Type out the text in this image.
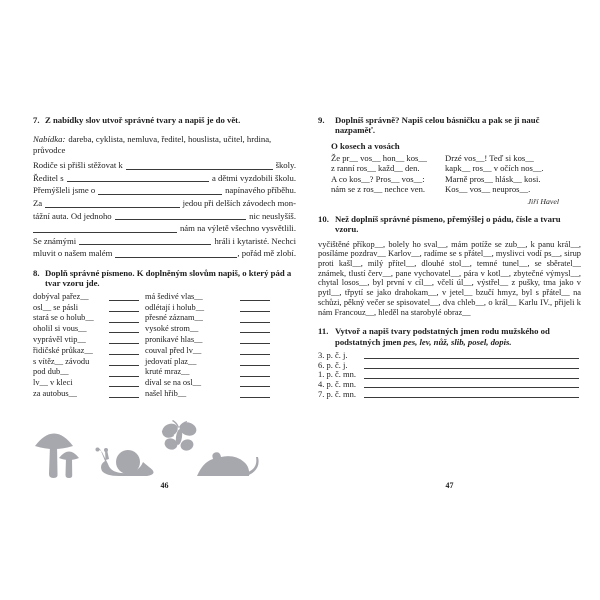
7. Z nabídky slov utvoř správné tvary a napiš je do vět.

Nabídka: dareba, cyklista, nemluva, ředitel, houslista, učitel, hrdina, průvodce

Rodiče si přišli stěžovat k	školy.
Ředitel s	a dětmi vyzdobili školu.
Přemýšleli jsme o	napínavého příběhu.
Za	jedou při delších závodech mon-
tážní auta. Od jednoho	nic neuslyšíš.
nám na výletě všechno vysvětlili.
Se známými	hráli i kytaristé. Nechci
mluvit o našem malém	, pořád mě zlobí.
8. Doplň správné písmeno. K doplněným slovům napiš, o který pád a tvar vzoru jde.
dobýval pařez__	má šedivé vlas__
osl__ se pásli	odlétají i holub__
stará se o holub__	přesné záznam__
oholil si vous__	vysoké strom__
vyprávěl vtip__	pronikavé hlas__
řidičské průkaz__	couval před lv__
s vítěz__ závodu	jedovatí plaz__
pod dub__	kruté mraz__
lv__ v kleci	díval se na osl__
za autobus__	našel hřib__
9.	Doplníš správně? Napiš celou básničku a pak se ji nauč nazpaměť.
O kosech a vosách
Že pr__ vos__ hon__ kos__
z ranní ros__ každ__ den.
A co kos__? Pros__ vos__:
nám se z ros__ nechce ven.
Drzé vos__! Teď si kos__
kapk__ ros__ v očích nos__.
Marně pros__ hlásk__ kosi.
Kos__ vos__ neupros__.
Jiří Havel
10. Než doplníš správné písmeno, přemýšlej o pádu, čísle a tvaru vzoru.

vyčištěné příkop__, bolely ho sval__, mám potíže se zub__, k panu král__, posíláme pozdrav__ Karlov__, radíme se s přátel__, myslivci vodí ps__, sirup proti kašl__, milý přítel__, dlouhé stol__, temné tunel__, se sběratel__ známek, tlustí červ__, pane vychovatel__, pára v kotl__, zbytečné výmysl__, chytal losos__, byl první v cíl__, včelí úl__, výstřel__ z pušky, tma jako v pytl__, třpytí se jako drahokam__, v jetel__ bzučí hmyz, byl s přátel__ na schůzi, pěkný večer se spisovatel__, dva chleb__, o král__ Karlu IV., přijeli k nám Francouz__, hleděl na starobylé obraz__

11. Vytvoř a napiš tvary podstatných jmen rodu mužského od podstatných jmen pes, lev, nůž, slib, posel, dopis.
3. p. č. j.
6. p. č. j.
1. p. č. mn.
4. p. č. mn.
7. p. č. mn.
46	47
